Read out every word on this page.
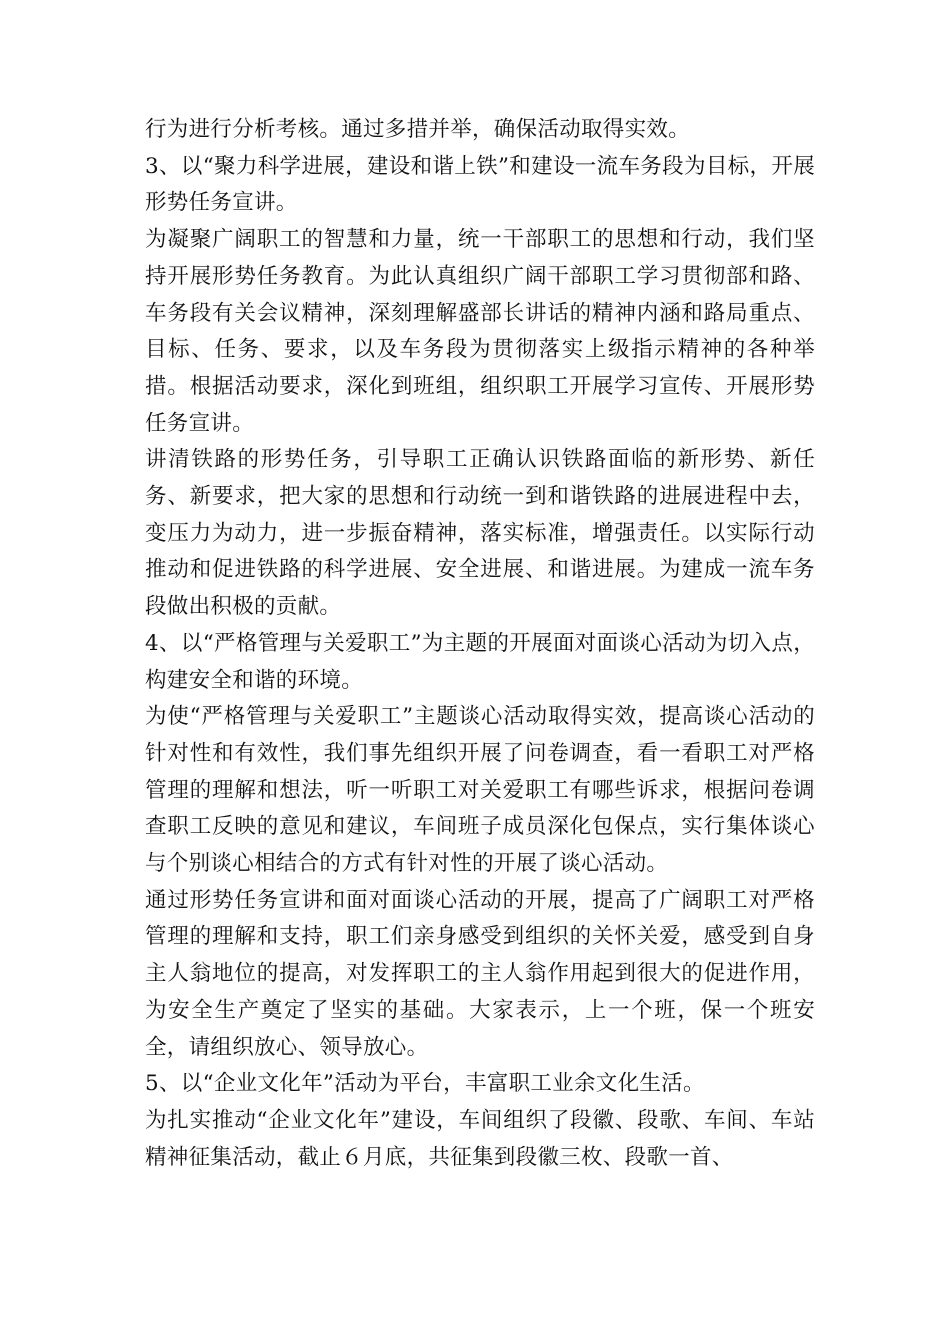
行为进行分析考核。通过多措并举，确保活动取得实效。

3、以“聚力科学进展，建设和谐上铁”和建设一流车务段为目标，开展形势任务宣讲。

为凝聚广阔职工的智慧和力量，统一干部职工的思想和行动，我们坚持开展形势任务教育。为此认真组织广阔干部职工学习贯彻部和路、车务段有关会议精神，深刻理解盛部长讲话的精神内涵和路局重点、目标、任务、要求，以及车务段为贯彻落实上级指示精神的各种举措。根据活动要求，深化到班组，组织职工开展学习宣传、开展形势任务宣讲。

讲清铁路的形势任务，引导职工正确认识铁路面临的新形势、新任务、新要求，把大家的思想和行动统一到和谐铁路的进展进程中去，变压力为动力，进一步振奋精神，落实标准，增强责任。以实际行动推动和促进铁路的科学进展、安全进展、和谐进展。为建成一流车务段做出积极的贡献。

4、以“严格管理与关爱职工”为主题的开展面对面谈心活动为切入点，构建安全和谐的环境。

为使“严格管理与关爱职工”主题谈心活动取得实效，提高谈心活动的针对性和有效性，我们事先组织开展了问卷调查，看一看职工对严格管理的理解和想法，听一听职工对关爱职工有哪些诉求，根据问卷调查职工反映的意见和建议，车间班子成员深化包保点，实行集体谈心与个别谈心相结合的方式有针对性的开展了谈心活动。

通过形势任务宣讲和面对面谈心活动的开展，提高了广阔职工对严格管理的理解和支持，职工们亲身感受到组织的关怀关爱，感受到自身主人翁地位的提高，对发挥职工的主人翁作用起到很大的促进作用，为安全生产奠定了坚实的基础。大家表示，上一个班，保一个班安全，请组织放心、领导放心。

5、以“企业文化年”活动为平台，丰富职工业余文化生活。

为扎实推动“企业文化年”建设，车间组织了段徽、段歌、车间、车站精神征集活动，截止６月底，共征集到段徽三枚、段歌一首、
